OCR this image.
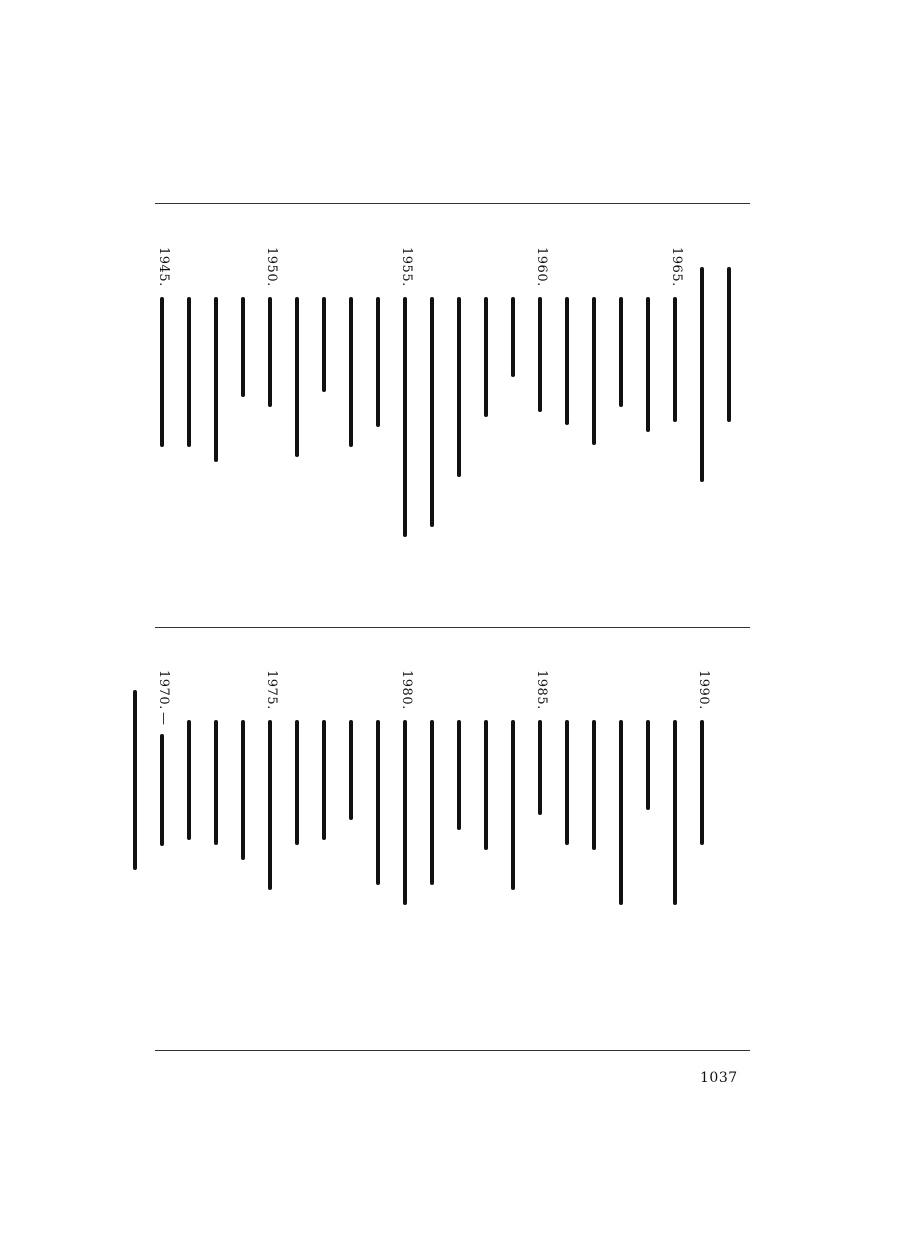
1965.
1960.
1955.
1950.
1945.
1990.
1985.
1980.
1975.
1970.
—
1037
